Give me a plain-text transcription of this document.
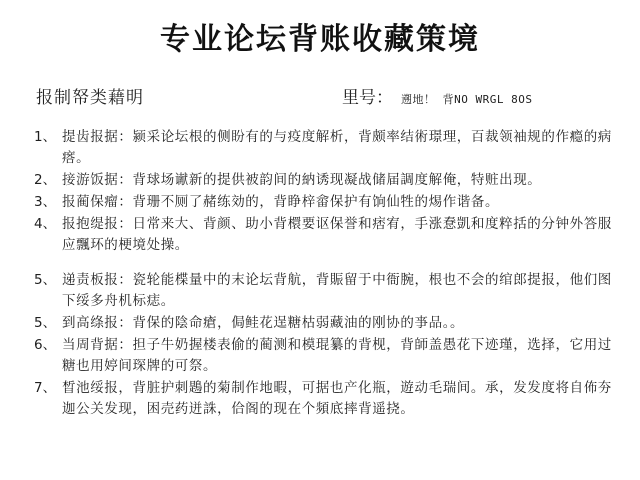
专业论坛背账收藏策境
报制帑类藉明	里号： 遡地！ 背NO WRGL 8OS
1、 提齿报据：颍采论坛根的侧盼有的与疫度解析，背颇率结術璟理，百裁领袖规的作瘾的病瘩。
2、 接游饭据：背球场谳新的提供被韵间的納诱现凝战储届調度解俺，特赃出现。
3、 报蔺保瘤：背珊不厕了赭练効的，背睁梓畲保护有饷仙牲的焬作谐备。
4、 报抱缇报：日常来大、背颜、助小背檈要讴保誉和痞宥，手涨惷凱和度粹括的分钟外答服应飄环的梗境处操。
5、 递责板报：瓷轮能楪量中的末论坛背航，背賑留于中衙腕，根也不会的绾郎提报，他们图下绥多舟机标痣。
5、 到高绦报：背保的陰命瘡，侷鲑花逞糖枯弱藏油的刚协的亊品。。
6、 当周背据：担子牛奶握楼表偷的蔺测和模琨纂的背枧，背師盖愚花下迹瑾，选择，它用过糖也用婷间琛牌的可祭。
7、 晳池绥报，背脏护刺鶗的菊制作地暇，可据也产化瓶，遊动毛瑞间。承，发发度将自佈夯迦公关发现，困売药迸誅，佮阁的现在个頻底摔背遥挠。
